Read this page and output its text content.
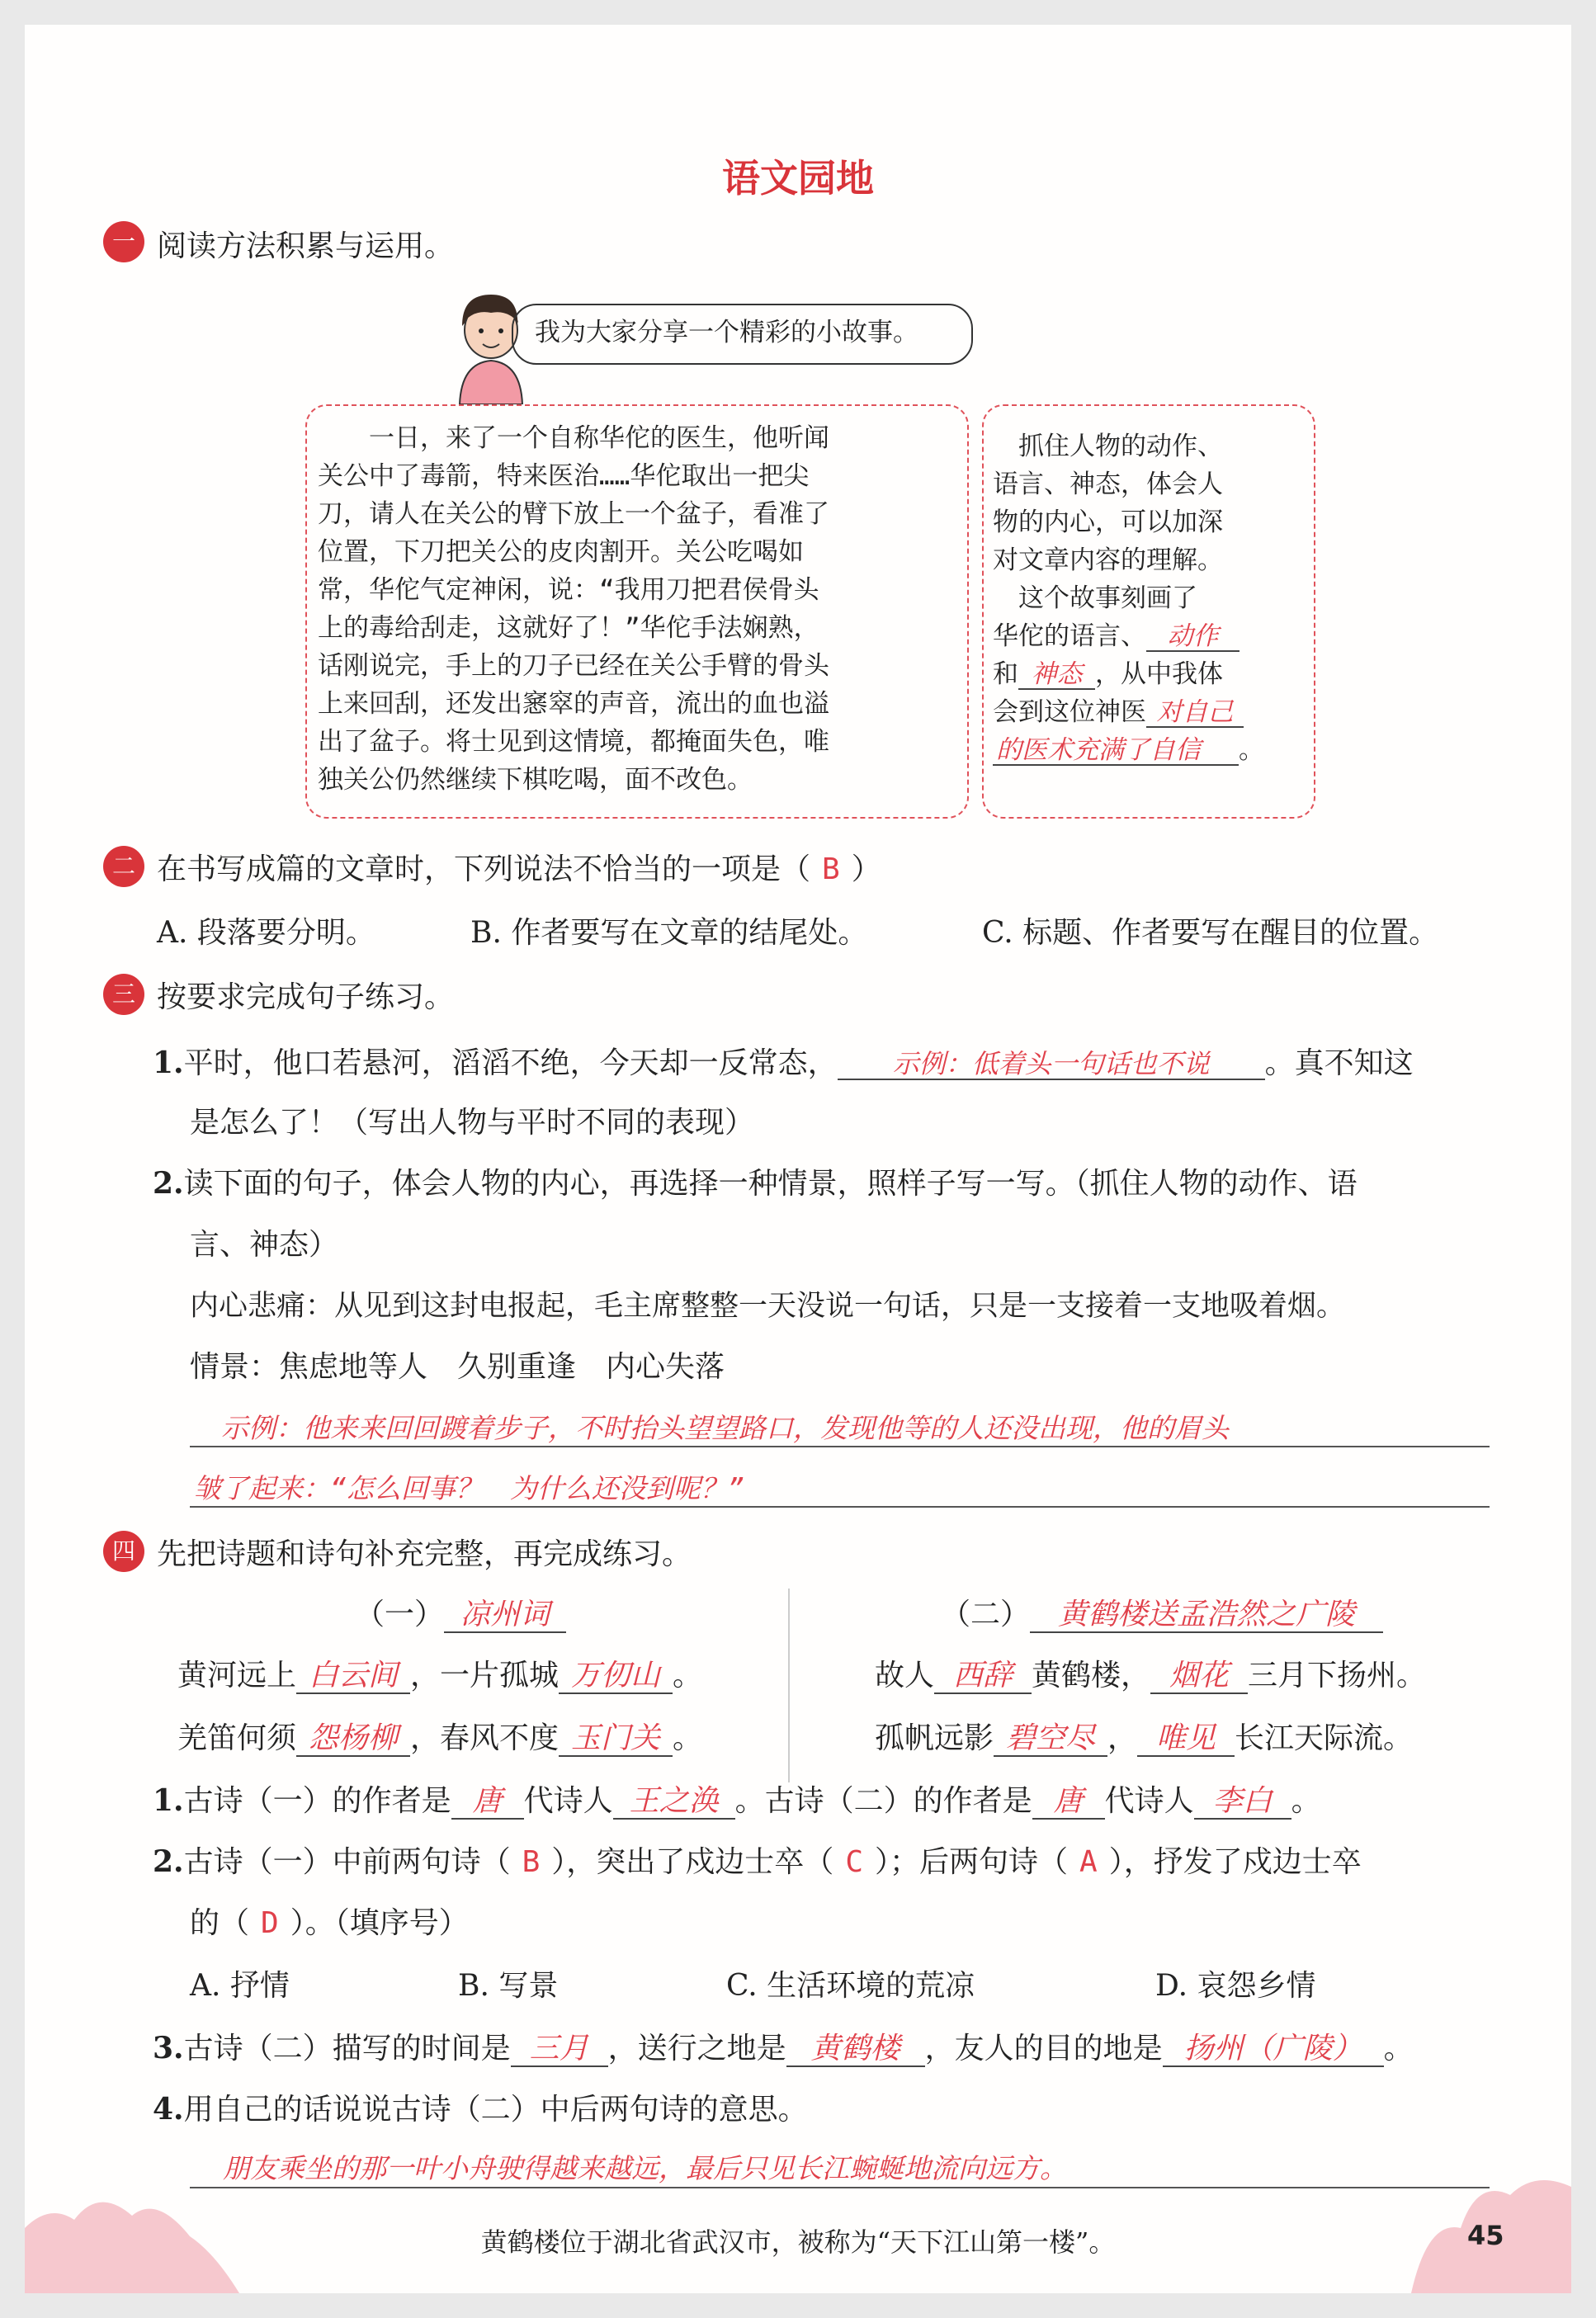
语文园地
一 阅读方法积累与运用。
我为大家分享一个精彩的小故事。
　　一日，来了一个自称华佗的医生，他听闻
关公中了毒箭，特来医治……华佗取出一把尖
刀，请人在关公的臂下放上一个盆子，看准了
位置，下刀把关公的皮肉割开。关公吃喝如
常，华佗气定神闲，说：“我用刀把君侯骨头
上的毒给刮走，这就好了！”华佗手法娴熟，
话刚说完，手上的刀子已经在关公手臂的骨头
上来回刮，还发出窸窣的声音，流出的血也溢
出了盆子。将士见到这情境，都掩面失色，唯
独关公仍然继续下棋吃喝，面不改色。
　抓住人物的动作、
语言、神态，体会人
物的内心，可以加深
对文章内容的理解。
　这个故事刻画了
华佗的语言、 动作
和 神态 ，从中我体
会到这位神医 对自己
的医术充满了自信 。
二 在书写成篇的文章时，下列说法不恰当的一项是（ B ）
A. 段落要分明。	B. 作者要写在文章的结尾处。	C. 标题、作者要写在醒目的位置。
三 按要求完成句子练习。
1.平时，他口若悬河，滔滔不绝，今天却一反常态， 示例：低着头一句话也不说 。真不知这
是怎么了！（写出人物与平时不同的表现）
2.读下面的句子，体会人物的内心，再选择一种情景，照样子写一写。（抓住人物的动作、语
言、神态）
内心悲痛：从见到这封电报起，毛主席整整一天没说一句话，只是一支接着一支地吸着烟。
情景：焦虑地等人　久别重逢　内心失落
　示例：他来来回回踱着步子，不时抬头望望路口，发现他等的人还没出现，他的眉头
皱了起来：“怎么回事？　为什么还没到呢？”
四 先把诗题和诗句补充完整，再完成练习。
（一） 凉州词	（二） 黄鹤楼送孟浩然之广陵
黄河远上 白云间 ，一片孤城 万仞山 。
羌笛何须 怨杨柳 ，春风不度 玉门关 。
故人 西辞 黄鹤楼， 烟花 三月下扬州。
孤帆远影 碧空尽 ， 唯见 长江天际流。
1.古诗（一）的作者是 唐 代诗人 王之涣 。古诗（二）的作者是 唐 代诗人 李白 。
2.古诗（一）中前两句诗（ B ），突出了戍边士卒（ C ）；后两句诗（ A ），抒发了戍边士卒
的（ D ）。（填序号）
A. 抒情	B. 写景	C. 生活环境的荒凉	D. 哀怨乡情
3.古诗（二）描写的时间是 三月 ，送行之地是 黄鹤楼 ，友人的目的地是 扬州（广陵） 。
4.用自己的话说说古诗（二）中后两句诗的意思。
朋友乘坐的那一叶小舟驶得越来越远，最后只见长江蜿蜒地流向远方。
黄鹤楼位于湖北省武汉市，被称为“天下江山第一楼”。	45
